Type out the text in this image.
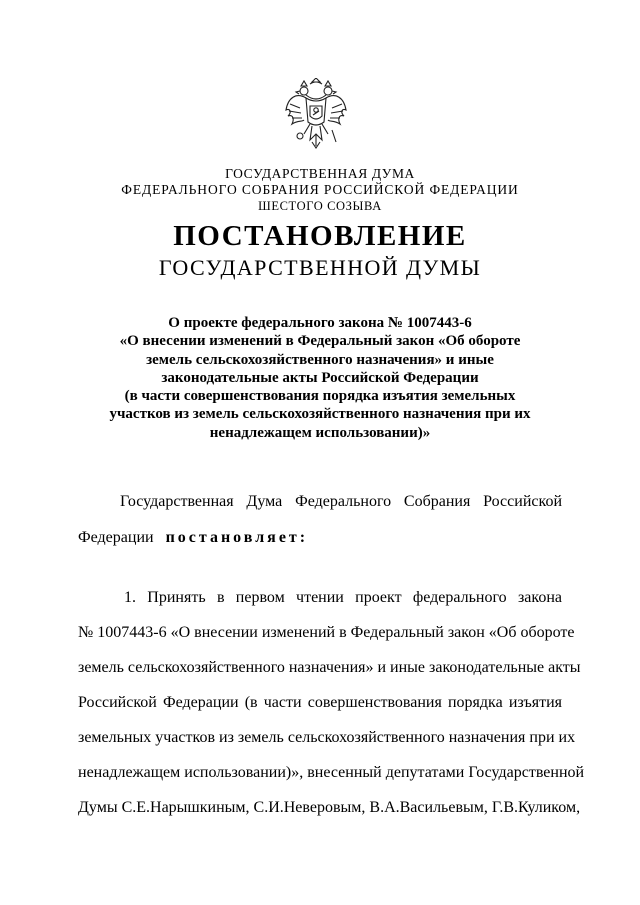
ГОСУДАРСТВЕННАЯ ДУМА
ФЕДЕРАЛЬНОГО СОБРАНИЯ РОССИЙСКОЙ ФЕДЕРАЦИИ
ШЕСТОГО СОЗЫВА
ПОСТАНОВЛЕНИЕ
ГОСУДАРСТВЕННОЙ ДУМЫ
О проекте федерального закона № 1007443-6
«О внесении изменений в Федеральный закон «Об обороте
земель сельскохозяйственного назначения» и иные
законодательные акты Российской Федерации
(в части совершенствования порядка изъятия земельных
участков из земель сельскохозяйственного назначения при их
ненадлежащем использовании)»
Государственная Дума Федерального Собрания Российской
Федерации постановляет:
1. Принять в первом чтении проект федерального закона
№ 1007443-6 «О внесении изменений в Федеральный закон «Об обороте
земель сельскохозяйственного назначения» и иные законодательные акты
Российской Федерации (в части совершенствования порядка изъятия
земельных участков из земель сельскохозяйственного назначения при их
ненадлежащем использовании)», внесенный депутатами Государственной
Думы С.Е.Нарышкиным, С.И.Неверовым, В.А.Васильевым, Г.В.Куликом,
